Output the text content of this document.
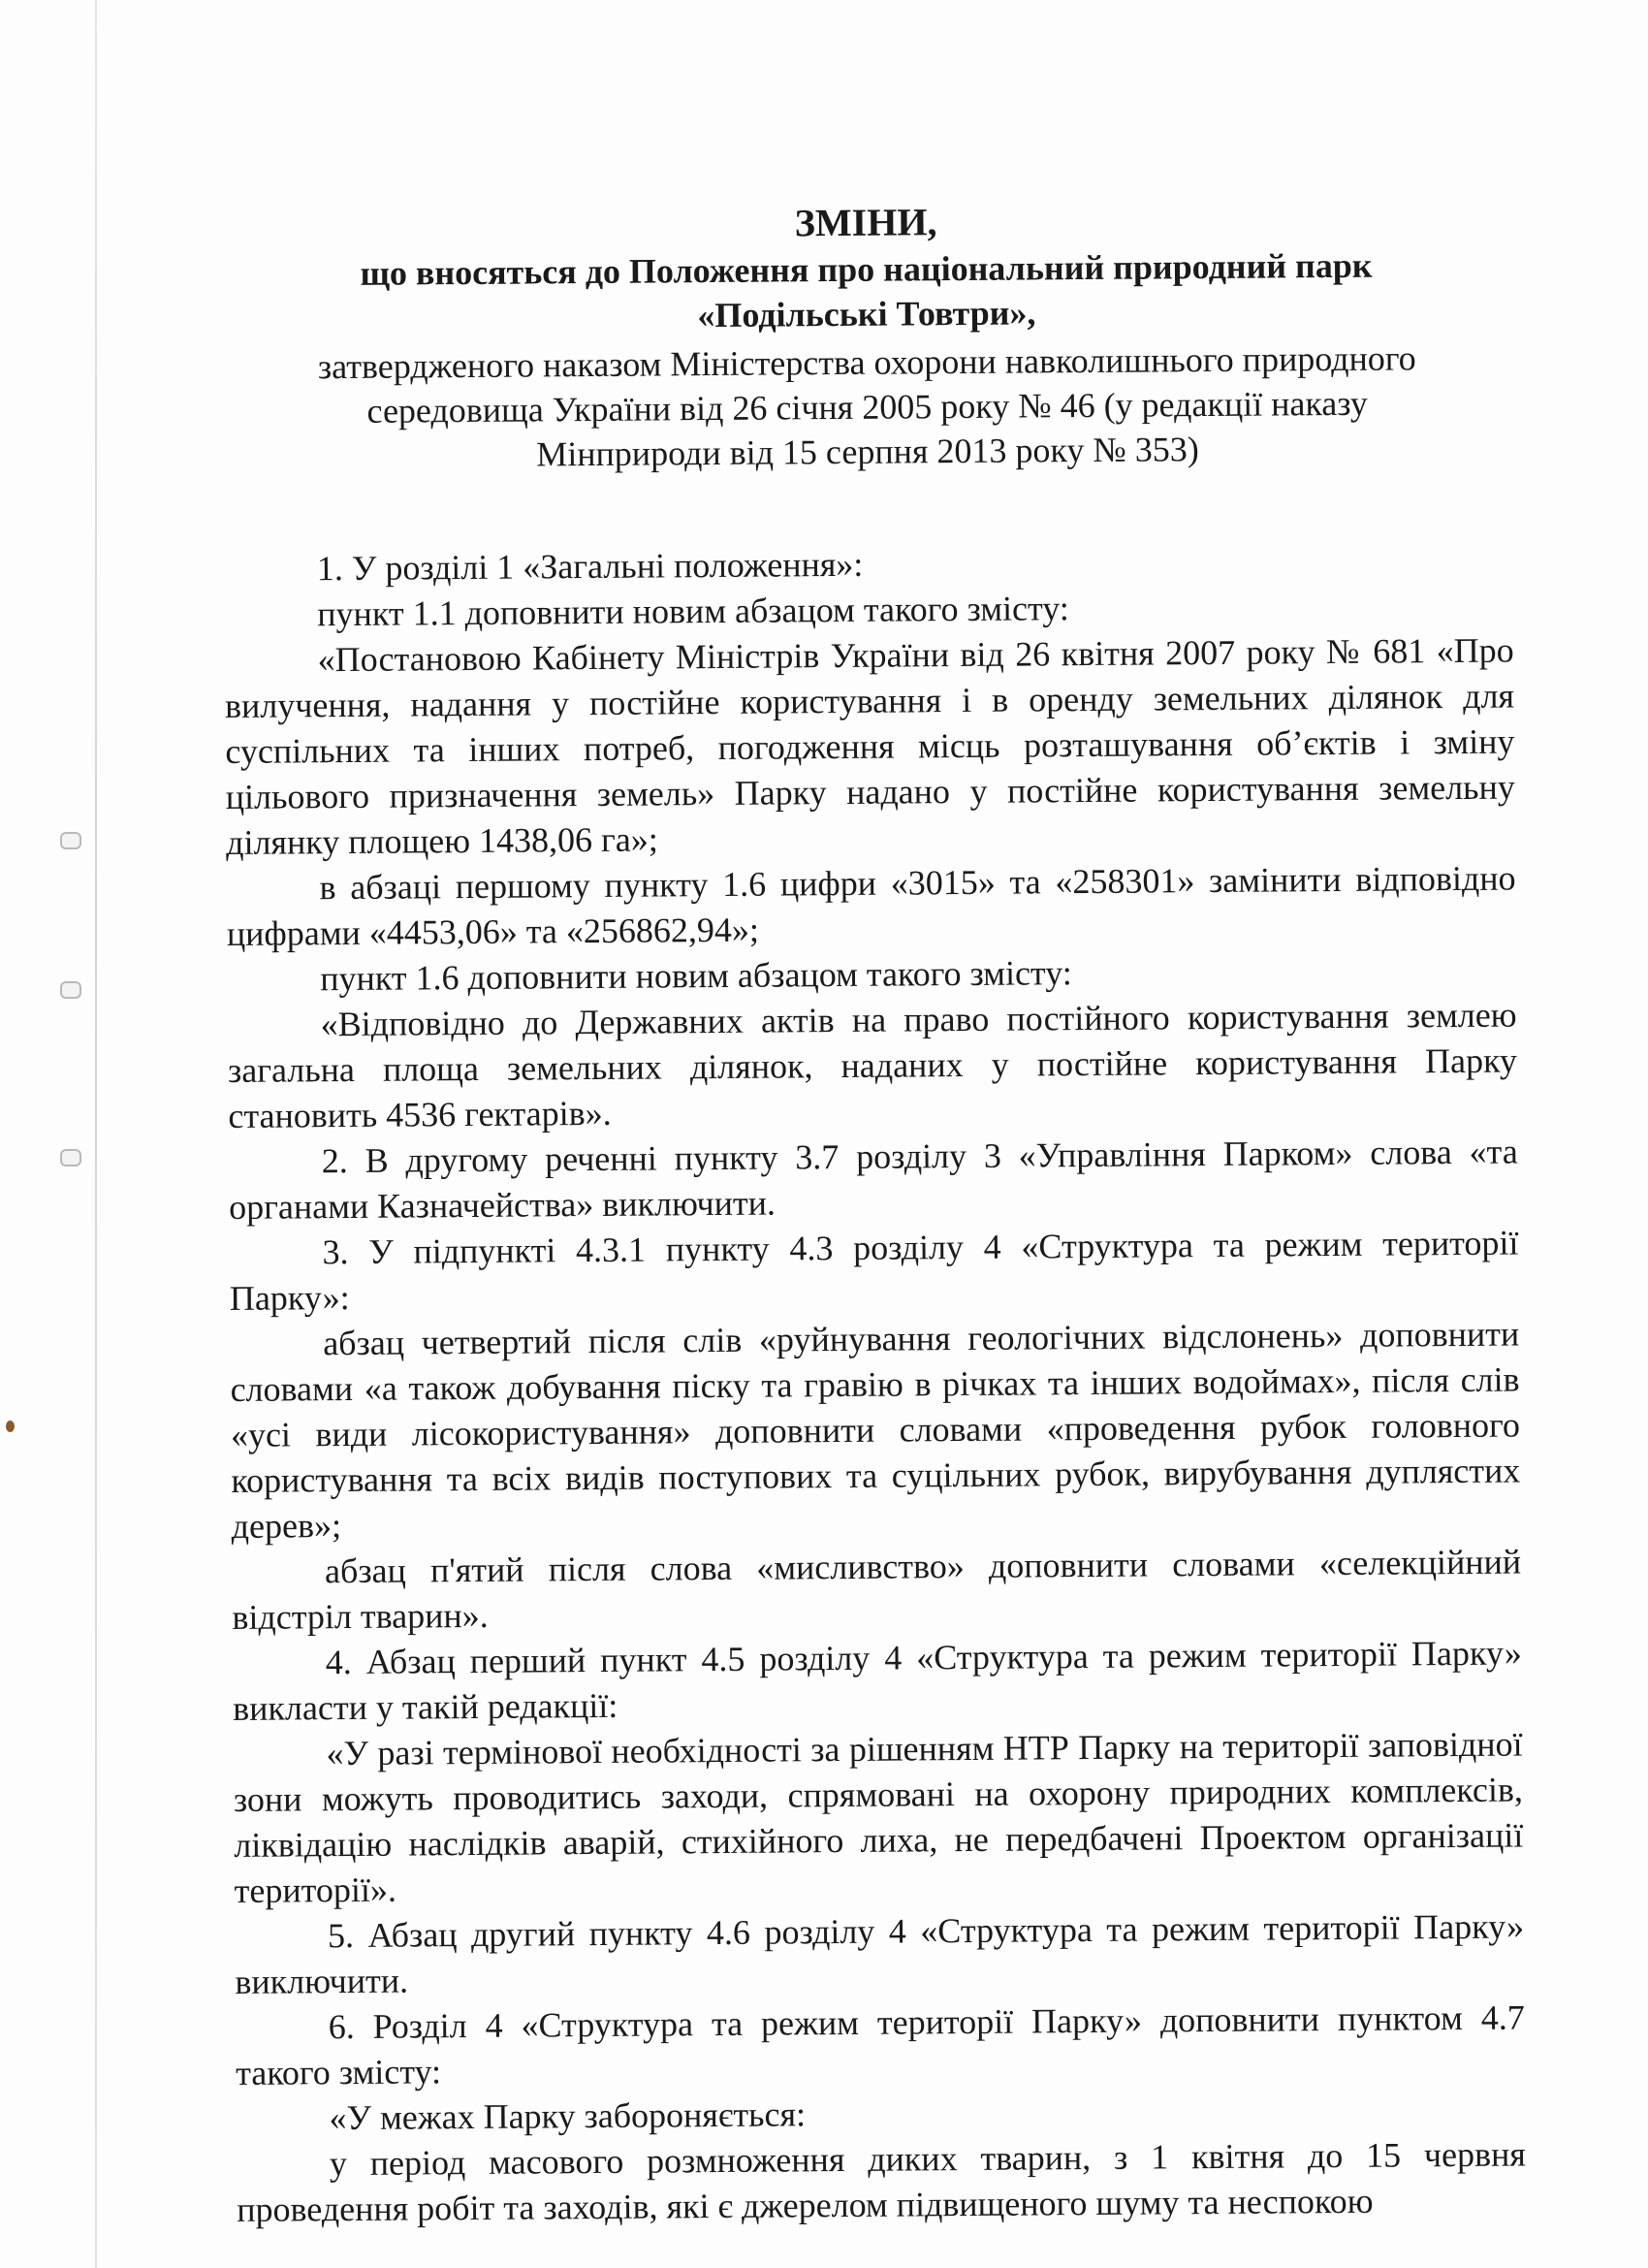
ЗМІНИ,

що вносяться до Положення про національний природний парк

«Подільські Товтри»,

затвердженого наказом Міністерства охорони навколишнього природного

середовища України від 26 січня 2005 року № 46 (у редакції наказу

Мінприроди від 15 серпня 2013 року № 353)

1. У розділі 1 «Загальні положення»:

пункт 1.1 доповнити новим абзацом такого змісту:

«Постановою Кабінету Міністрів України від 26 квітня 2007 року № 681 «Про вилучення, надання у постійне користування і в оренду земельних ділянок для суспільних та інших потреб, погодження місць розташування об’єктів і зміну цільового призначення земель» Парку надано у постійне користування земельну ділянку площею 1438,06 га»;

в абзаці першому пункту 1.6 цифри «3015» та «258301» замінити відповідно цифрами «4453,06» та «256862,94»;

пункт 1.6 доповнити новим абзацом такого змісту:

«Відповідно до Державних актів на право постійного користування землею загальна площа земельних ділянок, наданих у постійне користування Парку становить 4536 гектарів».

2. В другому реченні пункту 3.7 розділу 3 «Управління Парком» слова «та органами Казначейства» виключити.

3. У підпункті 4.3.1 пункту 4.3 розділу 4 «Структура та режим території Парку»:

абзац четвертий після слів «руйнування геологічних відслонень» доповнити словами «а також добування піску та гравію в річках та інших водоймах», після слів «усі види лісокористування» доповнити словами «проведення рубок головного користування та всіх видів поступових та суцільних рубок, вирубування дуплястих дерев»;

абзац п'ятий після слова «мисливство» доповнити словами «селекційний відстріл тварин».

4. Абзац перший пункт 4.5 розділу 4 «Структура та режим території Парку» викласти у такій редакції:

«У разі термінової необхідності за рішенням НТР Парку на території заповідної зони можуть проводитись заходи, спрямовані на охорону природних комплексів, ліквідацію наслідків аварій, стихійного лиха, не передбачені Проектом організації території».

5. Абзац другий пункту 4.6 розділу 4 «Структура та режим території Парку» виключити.

6. Розділ 4 «Структура та режим території Парку» доповнити пунктом 4.7 такого змісту:

«У межах Парку забороняється:

у період масового розмноження диких тварин, з 1 квітня до 15 червня проведення робіт та заходів, які є джерелом підвищеного шуму та неспокою
